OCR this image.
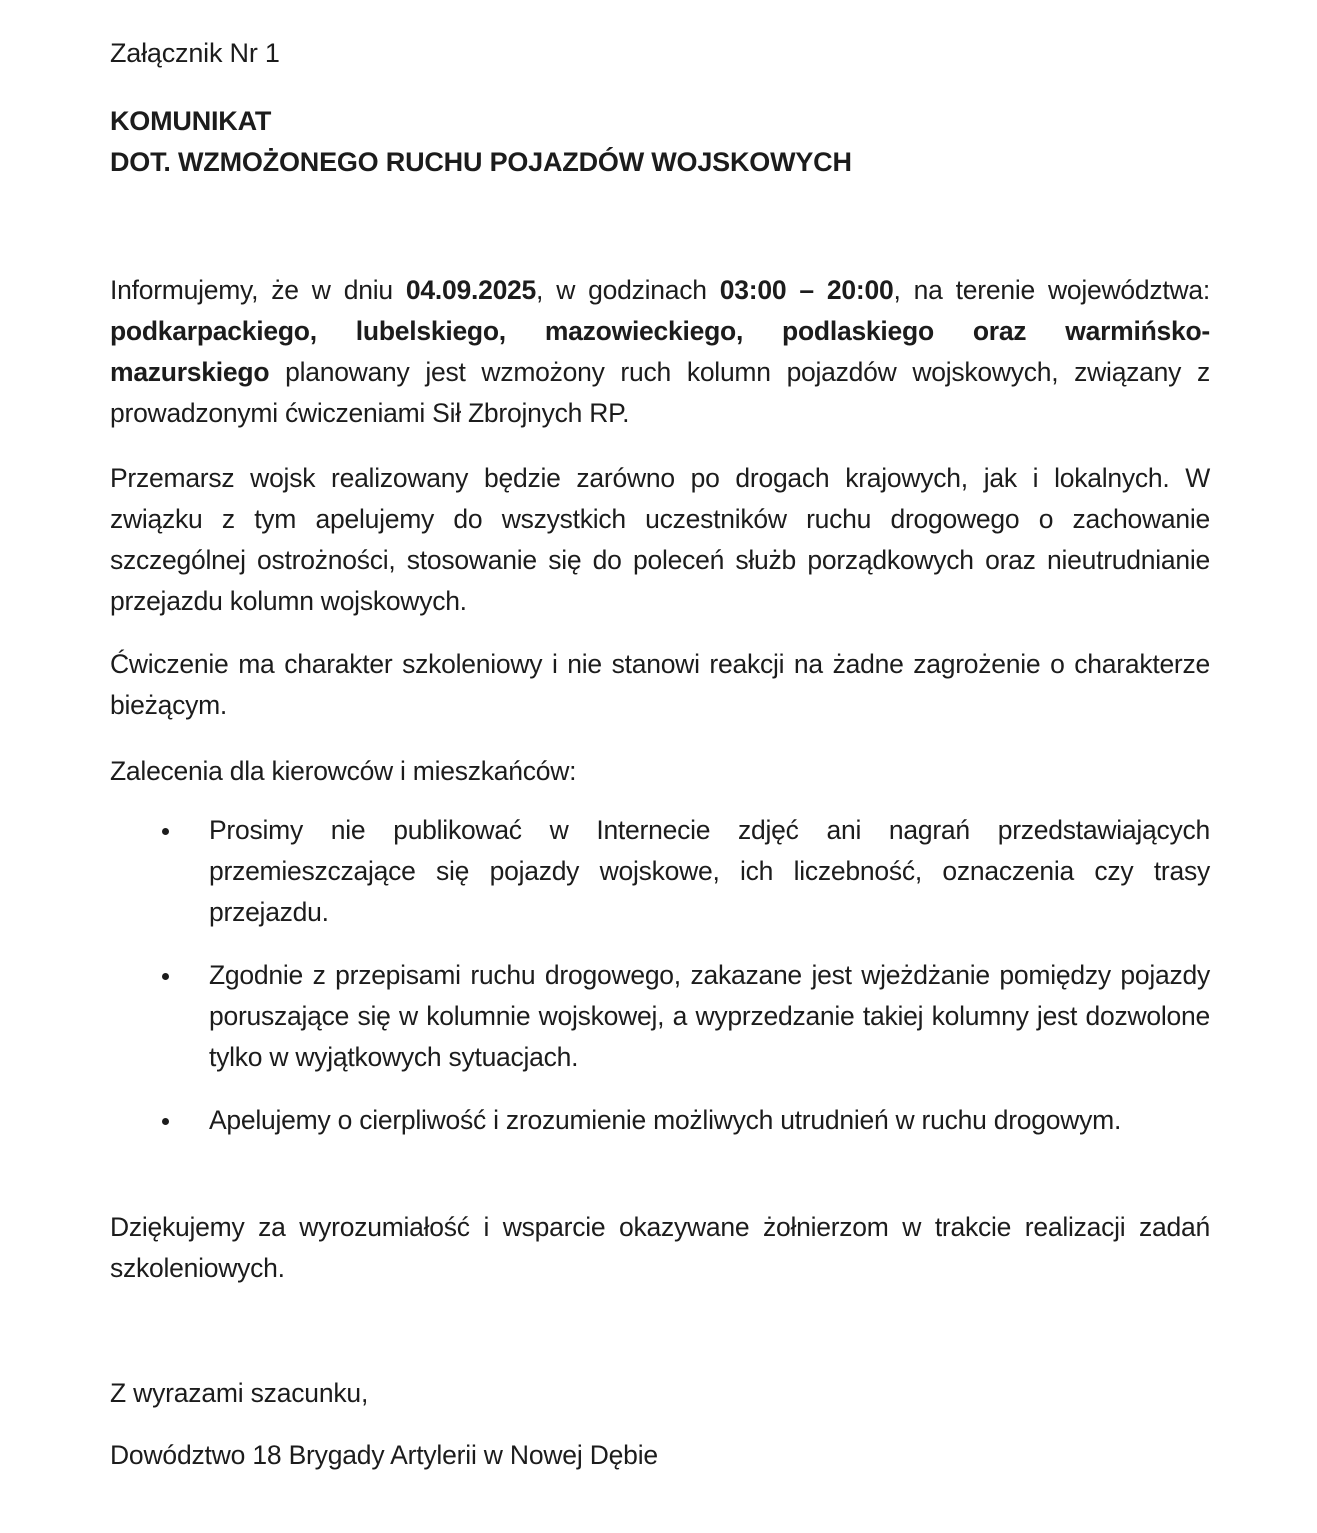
Załącznik Nr 1
KOMUNIKAT
DOT. WZMOŻONEGO RUCHU POJAZDÓW WOJSKOWYCH

Informujemy, że w dniu 04.09.2025, w godzinach 03:00 – 20:00, na terenie województwa: podkarpackiego, lubelskiego, mazowieckiego, podlaskiego oraz warmińsko-mazurskiego planowany jest wzmożony ruch kolumn pojazdów wojskowych, związany z prowadzonymi ćwiczeniami Sił Zbrojnych RP.

Przemarsz wojsk realizowany będzie zarówno po drogach krajowych, jak i lokalnych. W związku z tym apelujemy do wszystkich uczestników ruchu drogowego o zachowanie szczególnej ostrożności, stosowanie się do poleceń służb porządkowych oraz nieutrudnianie przejazdu kolumn wojskowych.

Ćwiczenie ma charakter szkoleniowy i nie stanowi reakcji na żadne zagrożenie o charakterze bieżącym.

Zalecenia dla kierowców i mieszkańców:

Prosimy nie publikować w Internecie zdjęć ani nagrań przedstawiających przemieszczające się pojazdy wojskowe, ich liczebność, oznaczenia czy trasy przejazdu.

Zgodnie z przepisami ruchu drogowego, zakazane jest wjeżdżanie pomiędzy pojazdy poruszające się w kolumnie wojskowej, a wyprzedzanie takiej kolumny jest dozwolone tylko w wyjątkowych sytuacjach.

Apelujemy o cierpliwość i zrozumienie możliwych utrudnień w ruchu drogowym.

Dziękujemy za wyrozumiałość i wsparcie okazywane żołnierzom w trakcie realizacji zadań szkoleniowych.

Z wyrazami szacunku,
Dowództwo 18 Brygady Artylerii w Nowej Dębie
